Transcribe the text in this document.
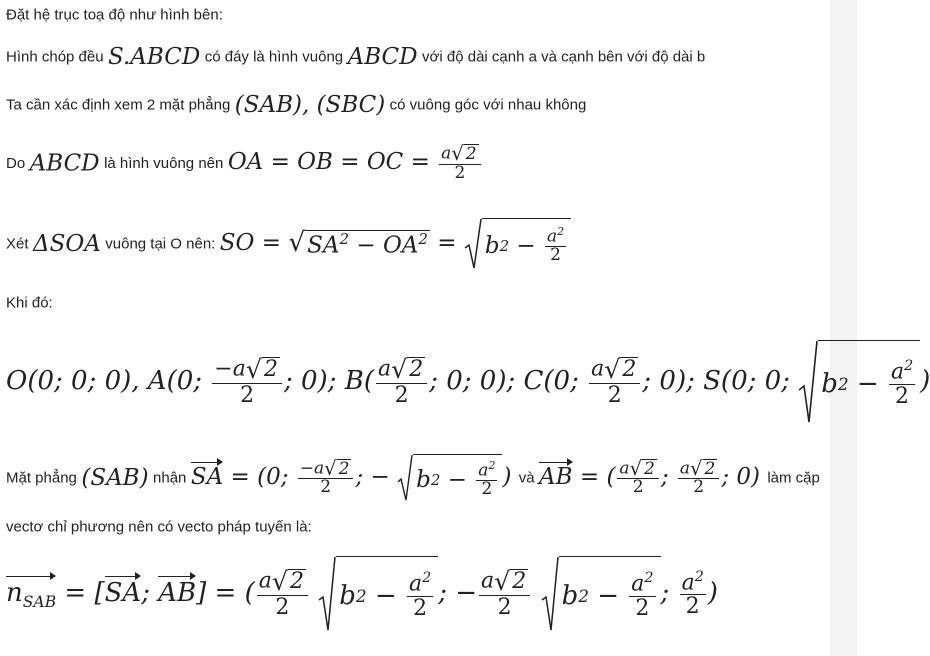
Đặt hệ trục toạ độ như hình bên:
Hình chóp đều S.ABCD có đáy là hình vuông ABCD với độ dài cạnh a và cạnh bên với độ dài b
Ta cần xác định xem 2 mặt phẳng (SAB), (SBC) có vuông góc với nhau không
Do ABCD là hình vuông nên OA = OB = OC = $\frac{a √ 2}{2}$
Xét ΔSOA vuông tại O nên: SO = √ $SA^2 - OA^2 = b$ $2 - \frac{a^2}{2}$
Khi đó:
O(0; 0; 0), A(0; $\frac{-a √ 2}{2}$ ; 0); $B( \frac{a √ 2}{2}$ ; 0; 0); C(0; $\frac{a √ 2}{2}$ ; 0); S(0; 0; b $2 - \frac{a^2}{2}$ )
Mặt phẳng (SAB) nhận SA = (0; $\frac{-a √ 2}{2}$ ; − b $2 - \frac{a^2}{2}$ ) và AB = ( $\frac{a √ 2}{2}$ ; $\frac{a √ 2}{2}$ ; 0) làm cặp
vectơ chỉ phương nên có vecto pháp tuyến là:
$n_{SAB} = [SA$; AB] = ( $\frac{a √ 2}{2}$
b $2 - \frac{a^2}{2}$ ; − $\frac{a √ 2}{2}$
b $2 - \frac{a^2}{2}$ ; $\frac{a^2}{2}$ )
